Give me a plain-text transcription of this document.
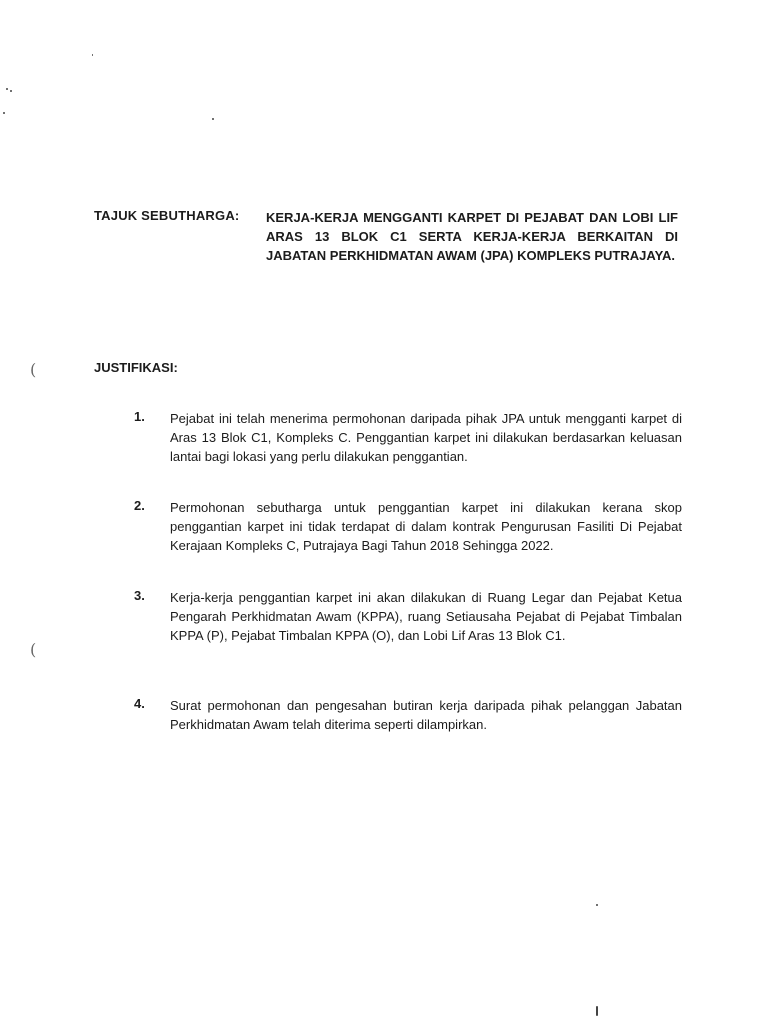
TAJUK SEBUTHARGA: KERJA-KERJA MENGGANTI KARPET DI PEJABAT DAN LOBI LIF ARAS 13 BLOK C1 SERTA KERJA-KERJA BERKAITAN DI JABATAN PERKHIDMATAN AWAM (JPA) KOMPLEKS PUTRAJAYA.
JUSTIFIKASI:
1. Pejabat ini telah menerima permohonan daripada pihak JPA untuk mengganti karpet di Aras 13 Blok C1, Kompleks C. Penggantian karpet ini dilakukan berdasarkan keluasan lantai bagi lokasi yang perlu dilakukan penggantian.
2. Permohonan sebutharga untuk penggantian karpet ini dilakukan kerana skop penggantian karpet ini tidak terdapat di dalam kontrak Pengurusan Fasiliti Di Pejabat Kerajaan Kompleks C, Putrajaya Bagi Tahun 2018 Sehingga 2022.
3. Kerja-kerja penggantian karpet ini akan dilakukan di Ruang Legar dan Pejabat Ketua Pengarah Perkhidmatan Awam (KPPA), ruang Setiausaha Pejabat di Pejabat Timbalan KPPA (P), Pejabat Timbalan KPPA (O), dan Lobi Lif Aras 13 Blok C1.
4. Surat permohonan dan pengesahan butiran kerja daripada pihak pelanggan Jabatan Perkhidmatan Awam telah diterima seperti dilampirkan.
(
(
